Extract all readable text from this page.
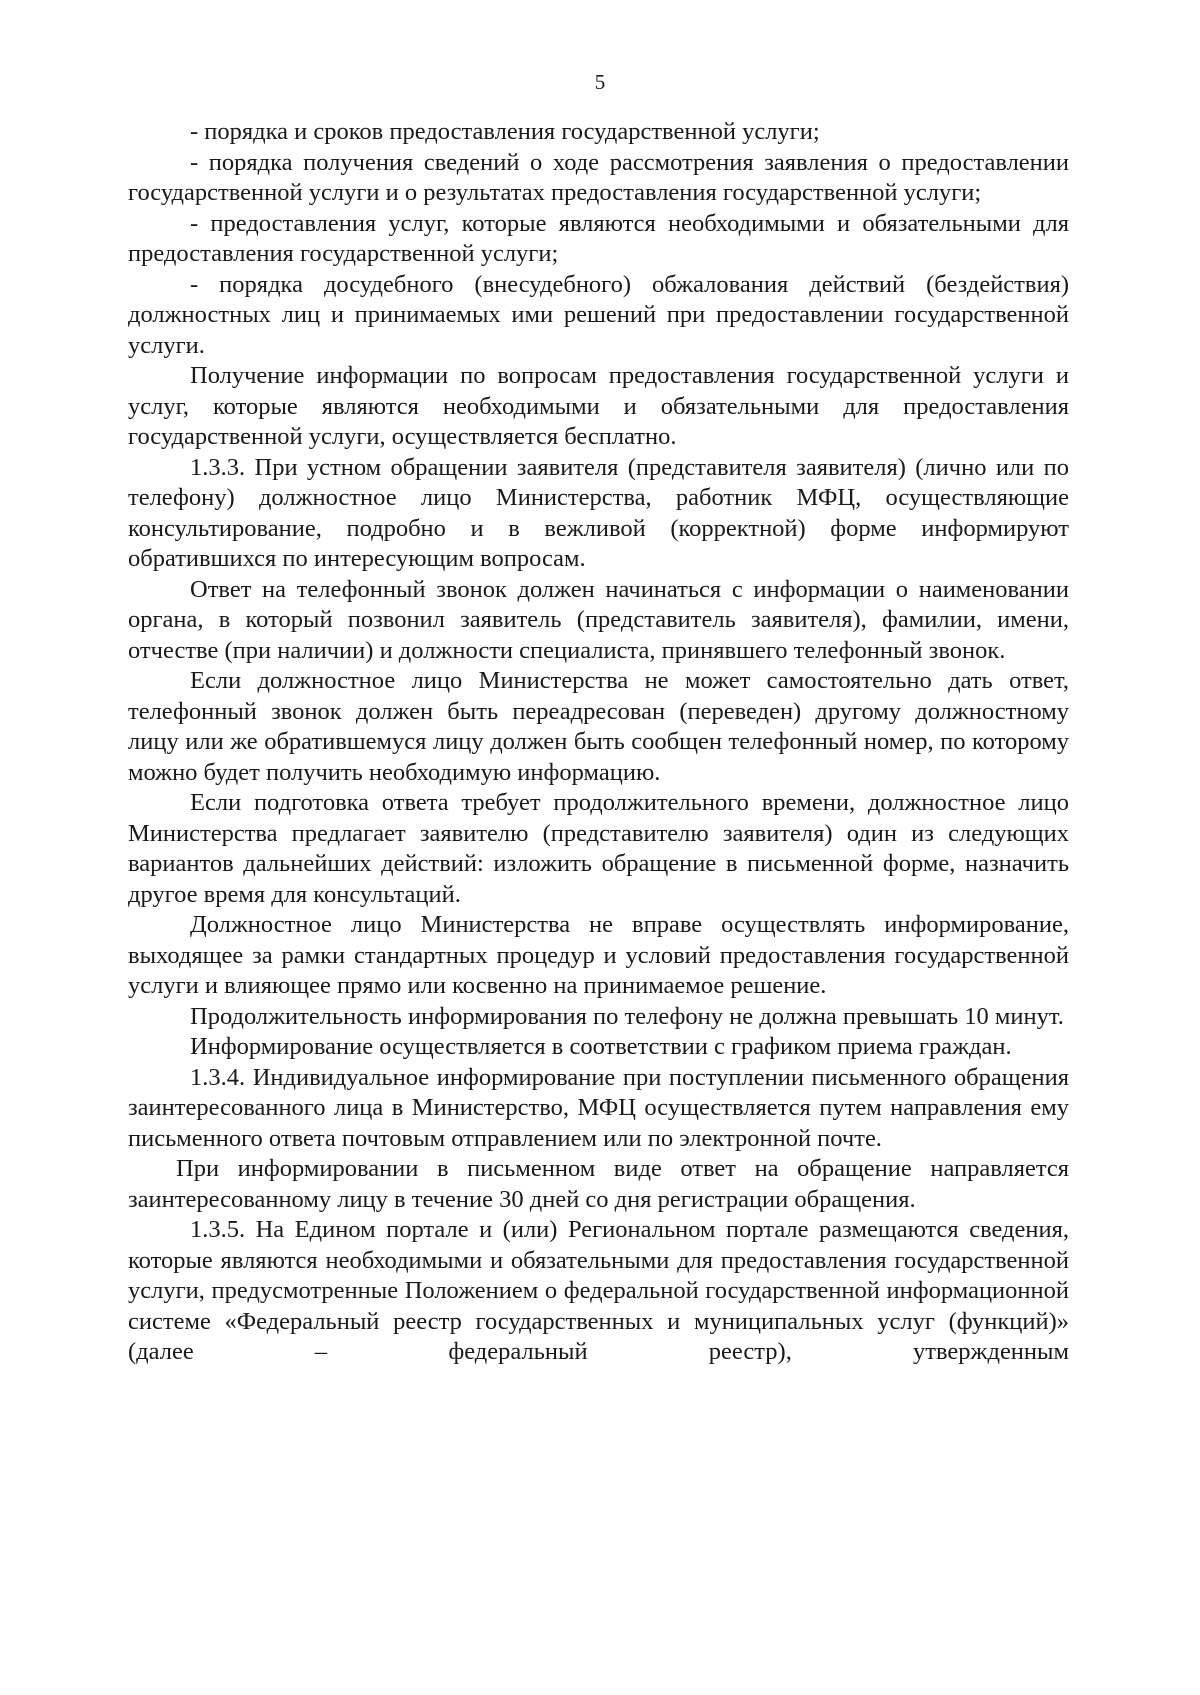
5

- порядка и сроков предоставления государственной услуги;

- порядка получения сведений о ходе рассмотрения заявления о предоставлении государственной услуги и о результатах предоставления государственной услуги;

- предоставления услуг, которые являются необходимыми и обязательными для предоставления государственной услуги;

- порядка досудебного (внесудебного) обжалования действий (бездействия) должностных лиц и принимаемых ими решений при предоставлении государственной услуги.

Получение информации по вопросам предоставления государственной услуги и услуг, которые являются необходимыми и обязательными для предоставления государственной услуги, осуществляется бесплатно.

1.3.3. При устном обращении заявителя (представителя заявителя) (лично или по телефону) должностное лицо Министерства, работник МФЦ, осуществляющие консультирование, подробно и в вежливой (корректной) форме информируют обратившихся по интересующим вопросам.

Ответ на телефонный звонок должен начинаться с информации о наименовании органа, в который позвонил заявитель (представитель заявителя), фамилии, имени, отчестве (при наличии) и должности специалиста, принявшего телефонный звонок.

Если должностное лицо Министерства не может самостоятельно дать ответ, телефонный звонок должен быть переадресован (переведен) другому должностному лицу или же обратившемуся лицу должен быть сообщен телефонный номер, по которому можно будет получить необходимую информацию.

Если подготовка ответа требует продолжительного времени, должностное лицо Министерства предлагает заявителю (представителю заявителя) один из следующих вариантов дальнейших действий: изложить обращение в письменной форме, назначить другое время для консультаций.

Должностное лицо Министерства не вправе осуществлять информирование, выходящее за рамки стандартных процедур и условий предоставления государственной услуги и влияющее прямо или косвенно на принимаемое решение.

Продолжительность информирования по телефону не должна превышать 10 минут.

Информирование осуществляется в соответствии с графиком приема граждан.

1.3.4. Индивидуальное информирование при поступлении письменного обращения заинтересованного лица в Министерство, МФЦ осуществляется путем направления ему письменного ответа почтовым отправлением или по электронной почте.

При информировании в письменном виде ответ на обращение направляется заинтересованному лицу в течение 30 дней со дня регистрации обращения.

1.3.5. На Едином портале и (или) Региональном портале размещаются сведения, которые являются необходимыми и обязательными для предоставления государственной услуги, предусмотренные Положением о федеральной государственной информационной системе «Федеральный реестр государственных и муниципальных услуг (функций)» (далее – федеральный реестр), утвержденным
